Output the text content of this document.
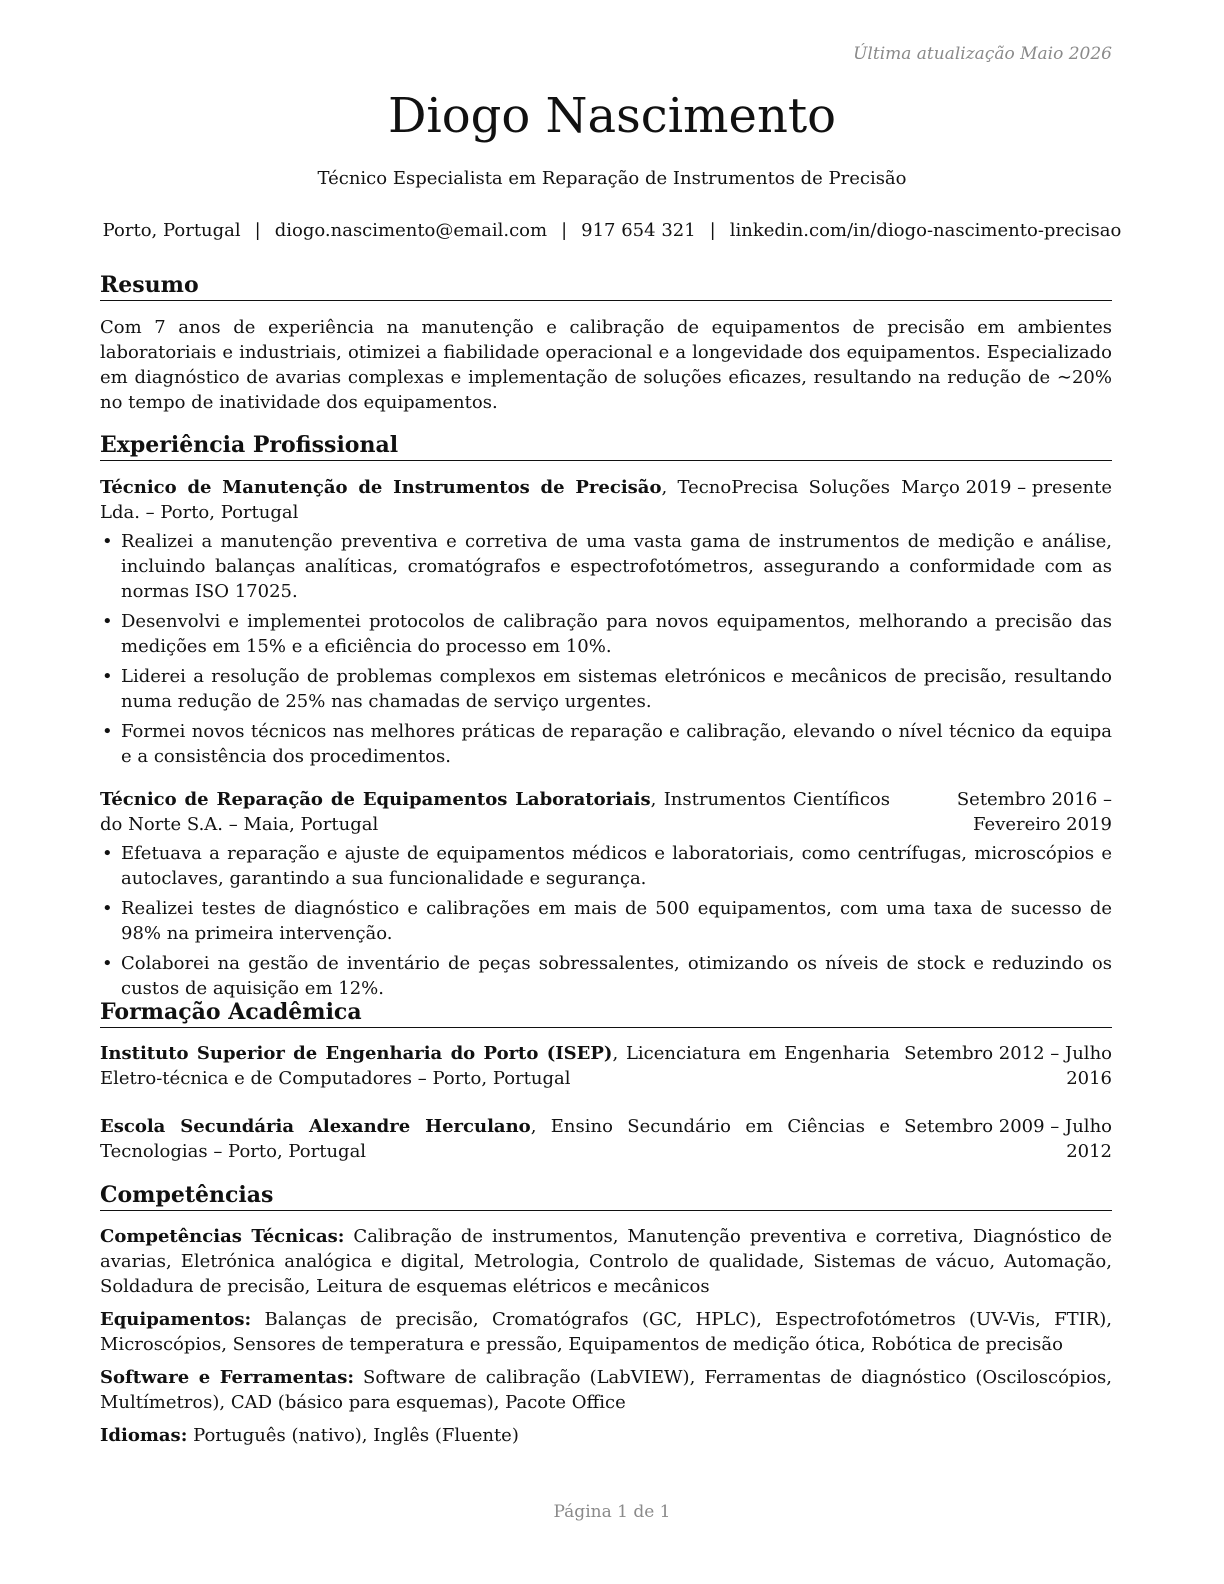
Última atualização Maio 2026
Diogo Nascimento
Técnico Especialista em Reparação de Instrumentos de Precisão
Porto, Portugal | diogo.nascimento@email.com | 917 654 321 | linkedin.com/in/diogo-nascimento-precisao
Resumo

Com 7 anos de experiência na manutenção e calibração de equipamentos de precisão em ambientes laboratoriais e industriais, otimizei a fiabilidade operacional e a longevidade dos equipamentos. Especializado em diagnóstico de avarias complexas e implementação de soluções eficazes, resultando na redução de ∼20% no tempo de inatividade dos equipamentos.

Experiência Profissional
Técnico de Manutenção de Instrumentos de Precisão, TecnoPrecisa Soluções Lda. – Porto, Portugal
Março 2019 – presente
• Realizei a manutenção preventiva e corretiva de uma vasta gama de instrumentos de medição e análise, incluindo balanças analíticas, cromatógrafos e espectrofotómetros, assegurando a conformidade com as normas ISO 17025.
• Desenvolvi e implementei protocolos de calibração para novos equipamentos, melhorando a precisão das medições em 15% e a eficiência do processo em 10%.
• Liderei a resolução de problemas complexos em sistemas eletrónicos e mecânicos de precisão, resultando numa redução de 25% nas chamadas de serviço urgentes.
• Formei novos técnicos nas melhores práticas de reparação e calibração, elevando o nível técnico da equipa e a consistência dos procedimentos.
Técnico de Reparação de Equipamentos Laboratoriais, Instrumentos Científicos do Norte S.A. – Maia, Portugal
Setembro 2016 – Fevereiro 2019
• Efetuava a reparação e ajuste de equipamentos médicos e laboratoriais, como centrífugas, microscópios e autoclaves, garantindo a sua funcionalidade e segurança.
• Realizei testes de diagnóstico e calibrações em mais de 500 equipamentos, com uma taxa de sucesso de 98% na primeira intervenção.
• Colaborei na gestão de inventário de peças sobressalentes, otimizando os níveis de stock e reduzindo os custos de aquisição em 12%.
Formação Acadêmica
Instituto Superior de Engenharia do Porto (ISEP), Licenciatura em Engenharia Eletro-técnica e de Computadores – Porto, Portugal
Setembro 2012 – Julho 2016
Escola Secundária Alexandre Herculano, Ensino Secundário em Ciências e Tecnologias – Porto, Portugal
Setembro 2009 – Julho 2012
Competências
Competências Técnicas: Calibração de instrumentos, Manutenção preventiva e corretiva, Diagnóstico de avarias, Eletrónica analógica e digital, Metrologia, Controlo de qualidade, Sistemas de vácuo, Automação, Soldadura de precisão, Leitura de esquemas elétricos e mecânicos
Equipamentos: Balanças de precisão, Cromatógrafos (GC, HPLC), Espectrofotómetros (UV-Vis, FTIR), Microscópios, Sensores de temperatura e pressão, Equipamentos de medição ótica, Robótica de precisão
Software e Ferramentas: Software de calibração (LabVIEW), Ferramentas de diagnóstico (Osciloscópios, Multímetros), CAD (básico para esquemas), Pacote Office
Idiomas: Português (nativo), Inglês (Fluente)
Página 1 de 1
